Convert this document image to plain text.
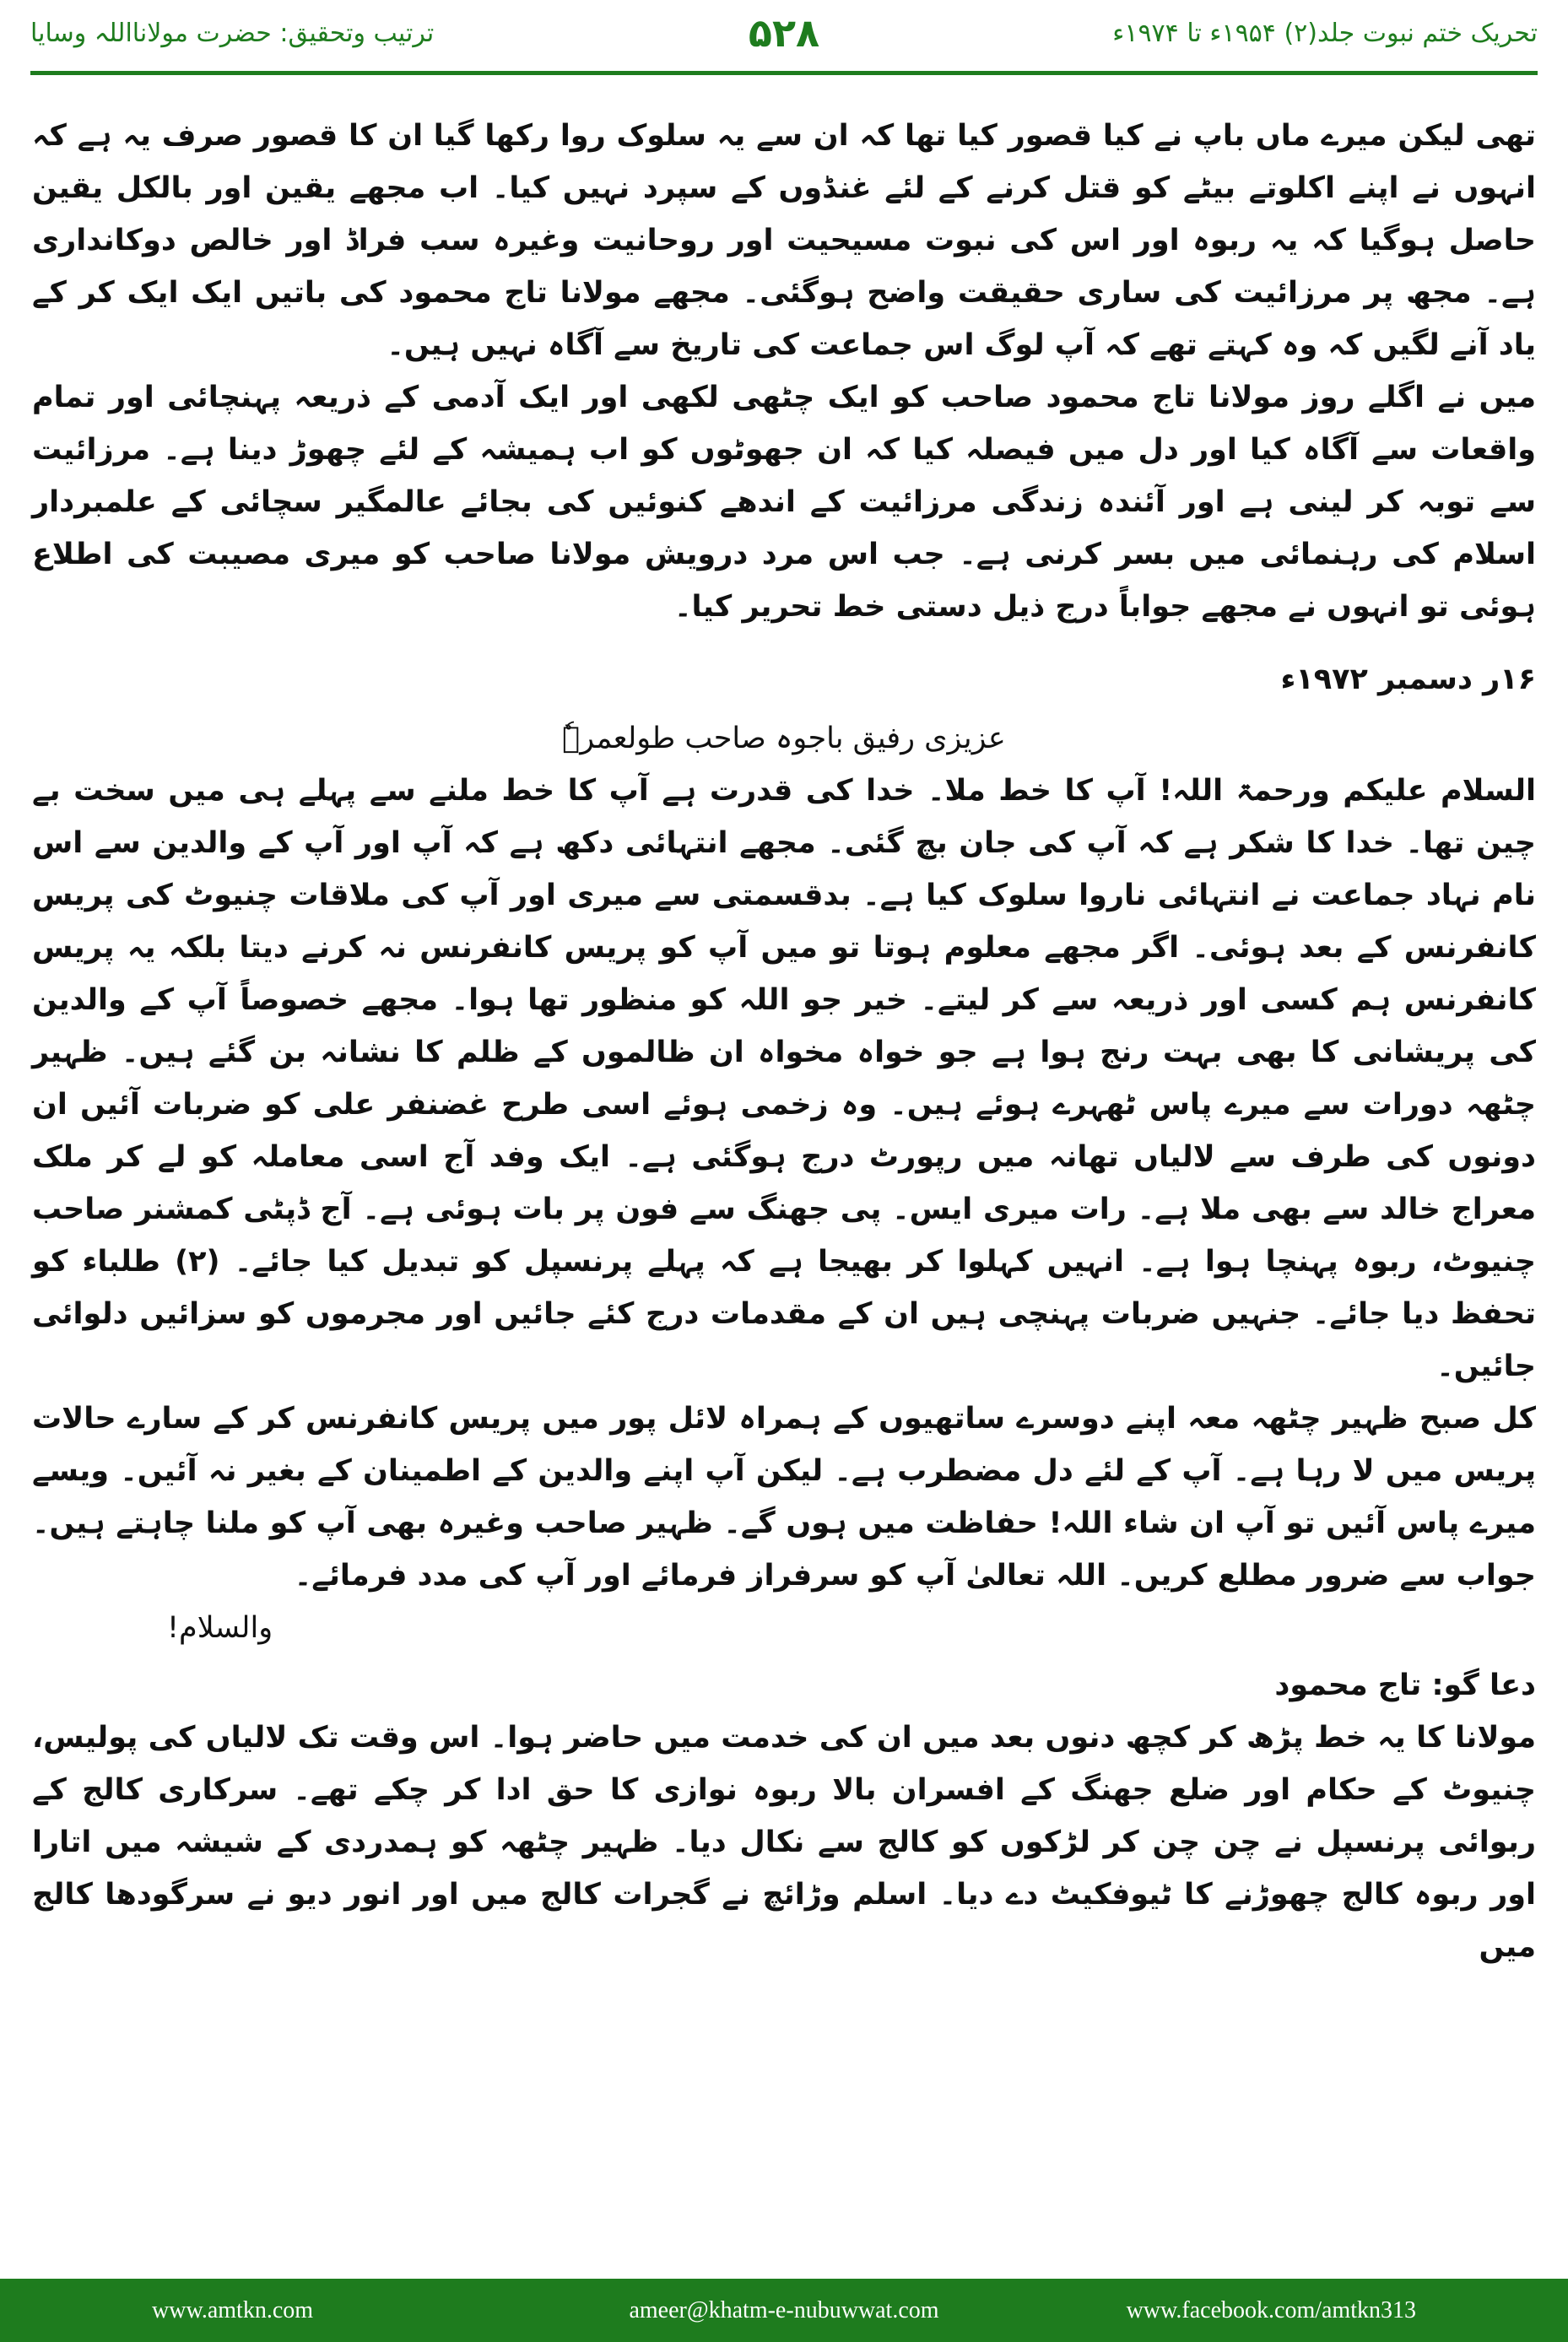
ترتیب وتحقیق: حضرت مولانااللہ وسایا	۵۲۸	تحریک ختم نبوت جلد(۲) ۱۹۵۴ء تا ۱۹۷۴ء

تھی لیکن میرے ماں باپ نے کیا قصور کیا تھا کہ ان سے یہ سلوک روا رکھا گیا ان کا قصور صرف یہ ہے کہ انہوں نے اپنے اکلوتے بیٹے کو قتل کرنے کے لئے غنڈوں کے سپرد نہیں کیا۔ اب مجھے یقین اور بالکل یقین حاصل ہوگیا کہ یہ ربوہ اور اس کی نبوت مسیحیت اور روحانیت وغیرہ سب فراڈ اور خالص دوکانداری ہے۔ مجھ پر مرزائیت کی ساری حقیقت واضح ہوگئی۔ مجھے مولانا تاج محمود کی باتیں ایک ایک کر کے یاد آنے لگیں کہ وہ کہتے تھے کہ آپ لوگ اس جماعت کی تاریخ سے آگاہ نہیں ہیں۔

میں نے اگلے روز مولانا تاج محمود صاحب کو ایک چٹھی لکھی اور ایک آدمی کے ذریعہ پہنچائی اور تمام واقعات سے آگاہ کیا اور دل میں فیصلہ کیا کہ ان جھوٹوں کو اب ہمیشہ کے لئے چھوڑ دینا ہے۔ مرزائیت سے توبہ کر لینی ہے اور آئندہ زندگی مرزائیت کے اندھے کنوئیں کی بجائے عالمگیر سچائی کے علمبردار اسلام کی رہنمائی میں بسر کرنی ہے۔ جب اس مرد درویش مولانا صاحب کو میری مصیبت کی اطلاع ہوئی تو انہوں نے مجھے جواباً درج ذیل دستی خط تحریر کیا۔

۱۶ر دسمبر ۱۹۷۲ء

عزیزی رفیق باجوہ صاحب طولعمرہٗ

السلام علیکم ورحمۃ اللہ! آپ کا خط ملا۔ خدا کی قدرت ہے آپ کا خط ملنے سے پہلے ہی میں سخت بے چین تھا۔ خدا کا شکر ہے کہ آپ کی جان بچ گئی۔ مجھے انتہائی دکھ ہے کہ آپ اور آپ کے والدین سے اس نام نہاد جماعت نے انتہائی ناروا سلوک کیا ہے۔ بدقسمتی سے میری اور آپ کی ملاقات چنیوٹ کی پریس کانفرنس کے بعد ہوئی۔ اگر مجھے معلوم ہوتا تو میں آپ کو پریس کانفرنس نہ کرنے دیتا بلکہ یہ پریس کانفرنس ہم کسی اور ذریعہ سے کر لیتے۔ خیر جو اللہ کو منظور تھا ہوا۔ مجھے خصوصاً آپ کے والدین کی پریشانی کا بھی بہت رنج ہوا ہے جو خواہ مخواہ ان ظالموں کے ظلم کا نشانہ بن گئے ہیں۔ ظہیر چٹھہ دورات سے میرے پاس ٹھہرے ہوئے ہیں۔ وہ زخمی ہوئے اسی طرح غضنفر علی کو ضربات آئیں ان دونوں کی طرف سے لالیاں تھانہ میں رپورٹ درج ہوگئی ہے۔ ایک وفد آج اسی معاملہ کو لے کر ملک معراج خالد سے بھی ملا ہے۔ رات میری ایس۔ پی جھنگ سے فون پر بات ہوئی ہے۔ آج ڈپٹی کمشنر صاحب چنیوٹ، ربوہ پہنچا ہوا ہے۔ انہیں کہلوا کر بھیجا ہے کہ پہلے پرنسپل کو تبدیل کیا جائے۔ (۲) طلباء کو تحفظ دیا جائے۔ جنہیں ضربات پہنچی ہیں ان کے مقدمات درج کئے جائیں اور مجرموں کو سزائیں دلوائی جائیں۔

کل صبح ظہیر چٹھہ معہ اپنے دوسرے ساتھیوں کے ہمراہ لائل پور میں پریس کانفرنس کر کے سارے حالات پریس میں لا رہا ہے۔ آپ کے لئے دل مضطرب ہے۔ لیکن آپ اپنے والدین کے اطمینان کے بغیر نہ آئیں۔ ویسے میرے پاس آئیں تو آپ ان شاء اللہ! حفاظت میں ہوں گے۔ ظہیر صاحب وغیرہ بھی آپ کو ملنا چاہتے ہیں۔ جواب سے ضرور مطلع کریں۔ اللہ تعالیٰ آپ کو سرفراز فرمائے اور آپ کی مدد فرمائے۔

والسلام!

دعا گو: تاج محمود

مولانا کا یہ خط پڑھ کر کچھ دنوں بعد میں ان کی خدمت میں حاضر ہوا۔ اس وقت تک لالیاں کی پولیس، چنیوٹ کے حکام اور ضلع جھنگ کے افسران بالا ربوہ نوازی کا حق ادا کر چکے تھے۔ سرکاری کالج کے ربوائی پرنسپل نے چن چن کر لڑکوں کو کالج سے نکال دیا۔ ظہیر چٹھہ کو ہمدردی کے شیشہ میں اتارا اور ربوہ کالج چھوڑنے کا ٹیوفکیٹ دے دیا۔ اسلم وڑائچ نے گجرات کالج میں اور انور دیو نے سرگودھا کالج میں

www.amtkn.com	ameer@khatm-e-nubuwwat.com	www.facebook.com/amtkn313
